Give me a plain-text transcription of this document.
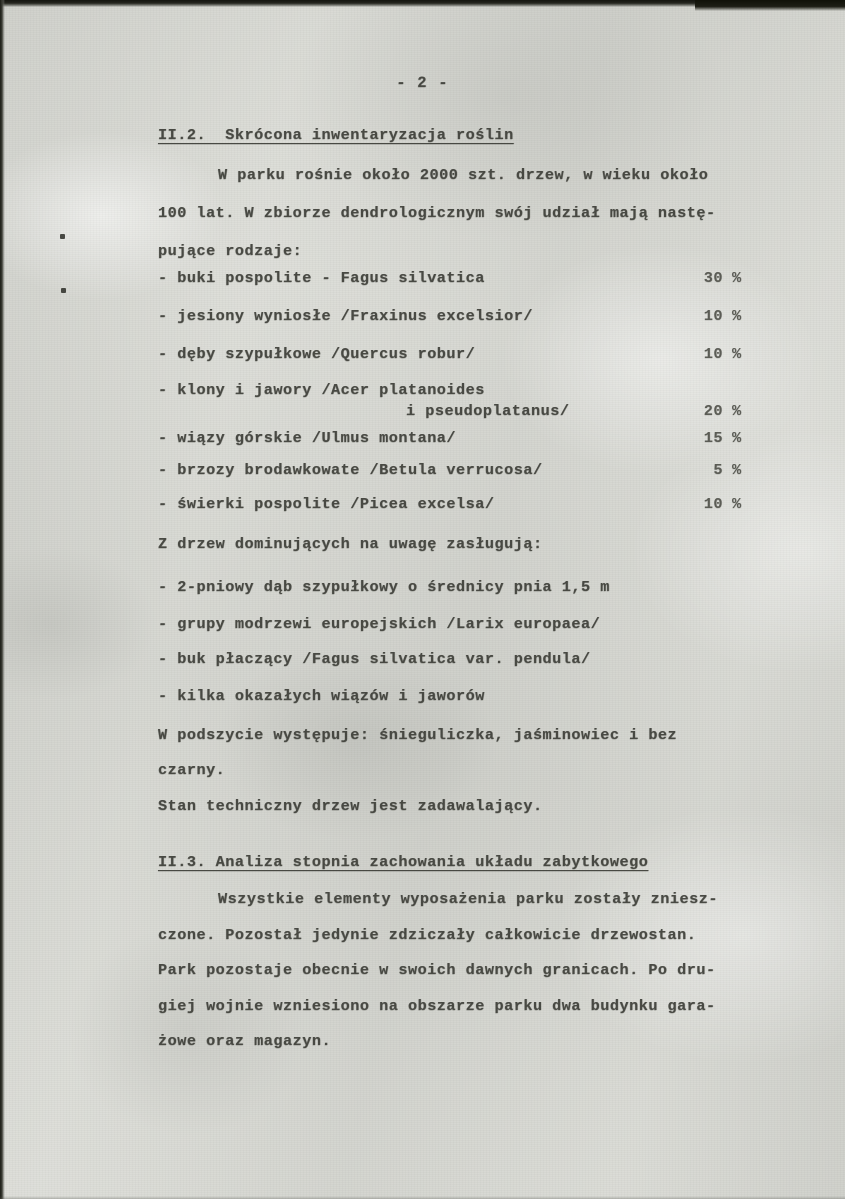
- 2 -
II.2.  Skrócona inwentaryzacja roślin
W parku rośnie około 2000 szt. drzew, w wieku około
100 lat. W zbiorze dendrologicznym swój udział mają nastę-
pujące rodzaje:
- buki pospolite - Fagus silvatica	30 %
- jesiony wyniosłe /Fraxinus excelsior/	10 %
- dęby szypułkowe /Quercus robur/	10 %
- klony i jawory /Acer platanoides
i pseudoplatanus/	20 %
- wiązy górskie /Ulmus montana/	15 %
- brzozy brodawkowate /Betula verrucosa/	5 %
- świerki pospolite /Picea excelsa/	10 %
Z drzew dominujących na uwagę zasługują:
- 2-pniowy dąb szypułkowy o średnicy pnia 1,5 m
- grupy modrzewi europejskich /Larix europaea/
- buk płaczący /Fagus silvatica var. pendula/
- kilka okazałych wiązów i jaworów
W podszycie występuje: śnieguliczka, jaśminowiec i bez
czarny.
Stan techniczny drzew jest zadawalający.
II.3. Analiza stopnia zachowania układu zabytkowego
Wszystkie elementy wyposażenia parku zostały zniesz-
czone. Pozostał jedynie zdziczały całkowicie drzewostan.
Park pozostaje obecnie w swoich dawnych granicach. Po dru-
giej wojnie wzniesiono na obszarze parku dwa budynku gara-
żowe oraz magazyn.
